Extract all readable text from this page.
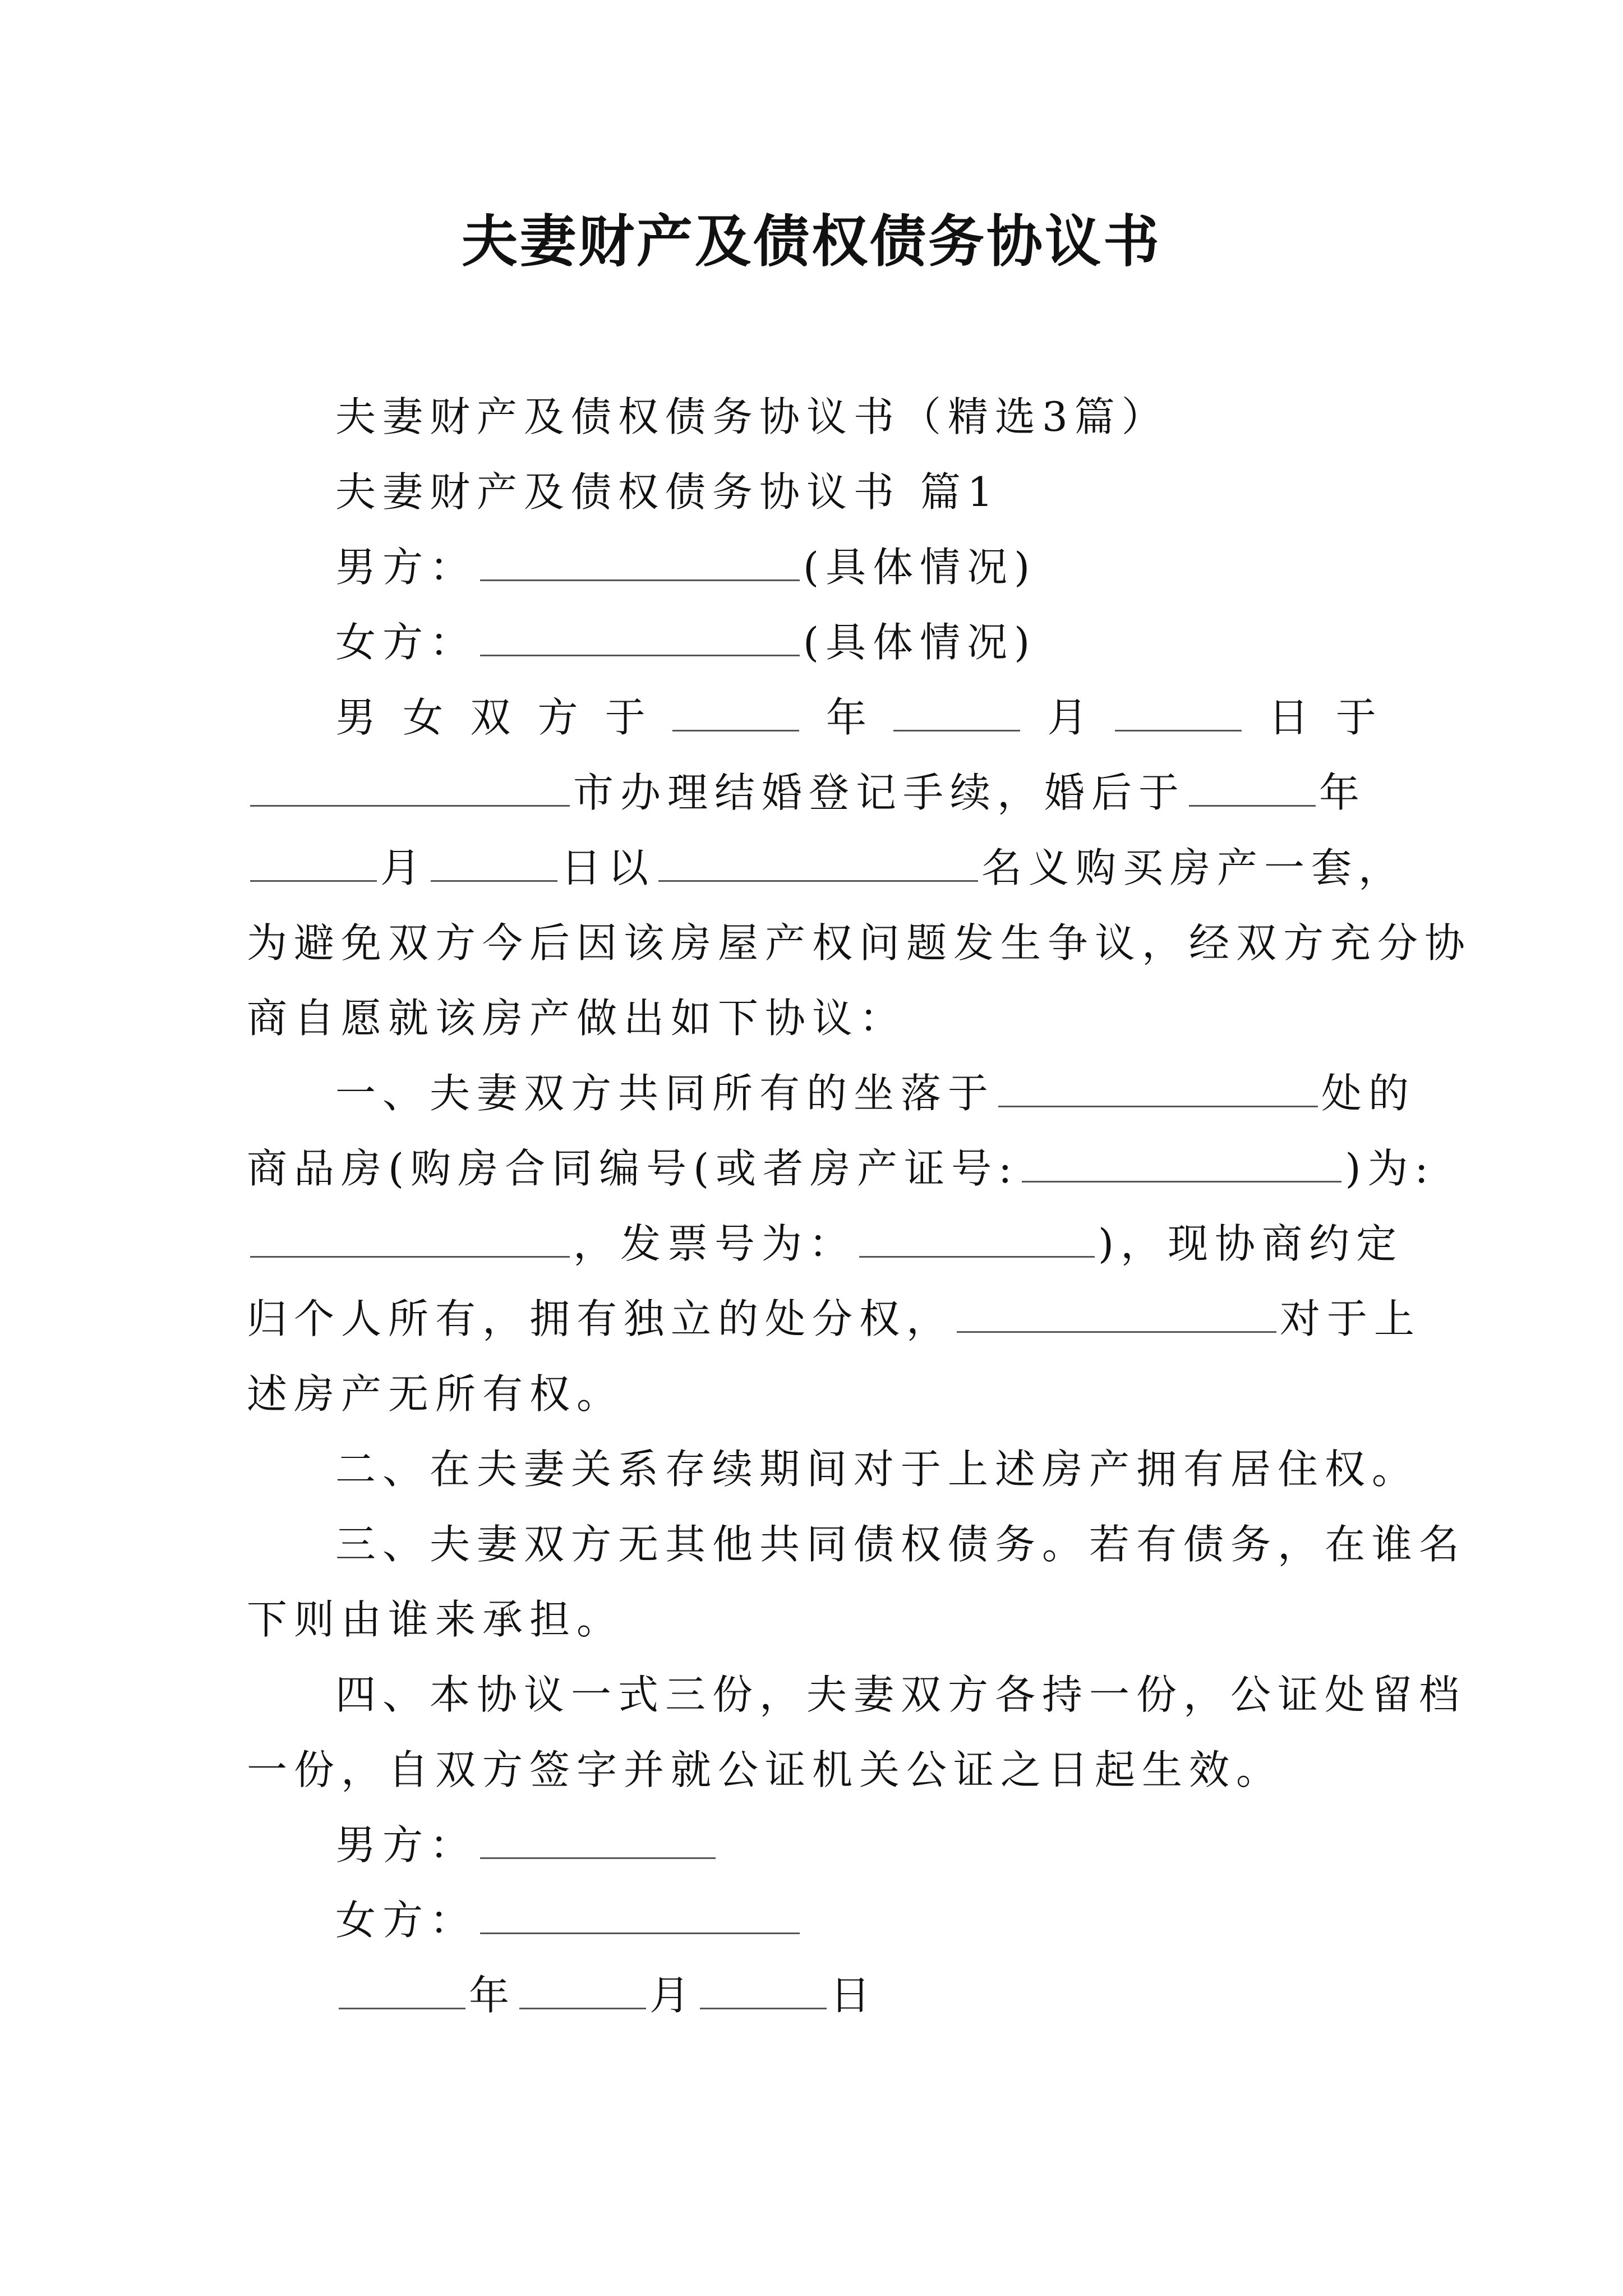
夫妻财产及债权债务协议书
夫妻财产及债权债务协议书（精选3篇）
夫妻财产及债权债务协议书 篇1
男方：	(具体情况)
女方：	(具体情况)
男 女 双 方 于	年	月	日 于
市办理结婚登记手续，婚后于	年
月	日以	名义购买房产一套，
为避免双方今后因该房屋产权问题发生争议，经双方充分协
商自愿就该房产做出如下协议：
一、夫妻双方共同所有的坐落于	处的
商品房(购房合同编号(或者房产证号:	)为:
，发票号为：	)，现协商约定
归个人所有，拥有独立的处分权，	对于上
述房产无所有权。
二、在夫妻关系存续期间对于上述房产拥有居住权。
三、夫妻双方无其他共同债权债务。若有债务，在谁名
下则由谁来承担。
四、本协议一式三份，夫妻双方各持一份，公证处留档
一份，自双方签字并就公证机关公证之日起生效。
男方：
女方：
年	月	日
